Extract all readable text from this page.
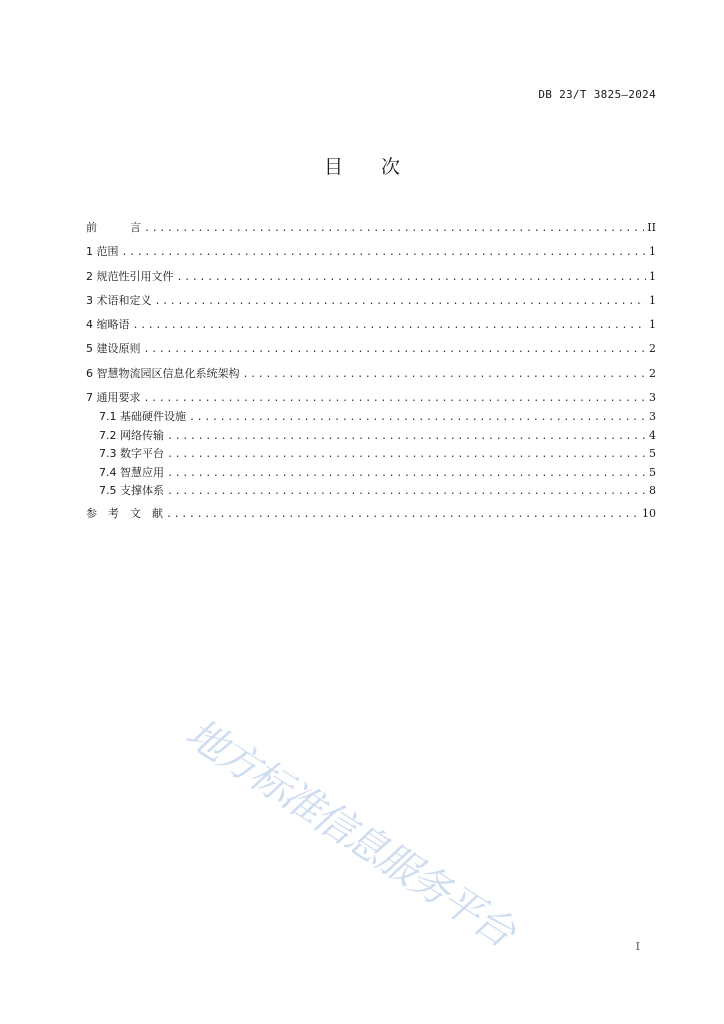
DB 23/T 3825—2024
目 次
前　　　言 . . .	II
1 范围 . . .	1
2 规范性引用文件 . . .	1
3 术语和定义 . . .	1
4 缩略语 . . .	1
5 建设原则 . . .	2
6 智慧物流园区信息化系统架构 . . .	2
7 通用要求 . . .	3
7.1 基础硬件设施 . . .	3
7.2 网络传输 . . .	4
7.3 数字平台 . . .	5
7.4 智慧应用 . . .	5
7.5 支撑体系 . . .	8
参　考　文　献 . . .	10
地方标准信息服务平台	I
